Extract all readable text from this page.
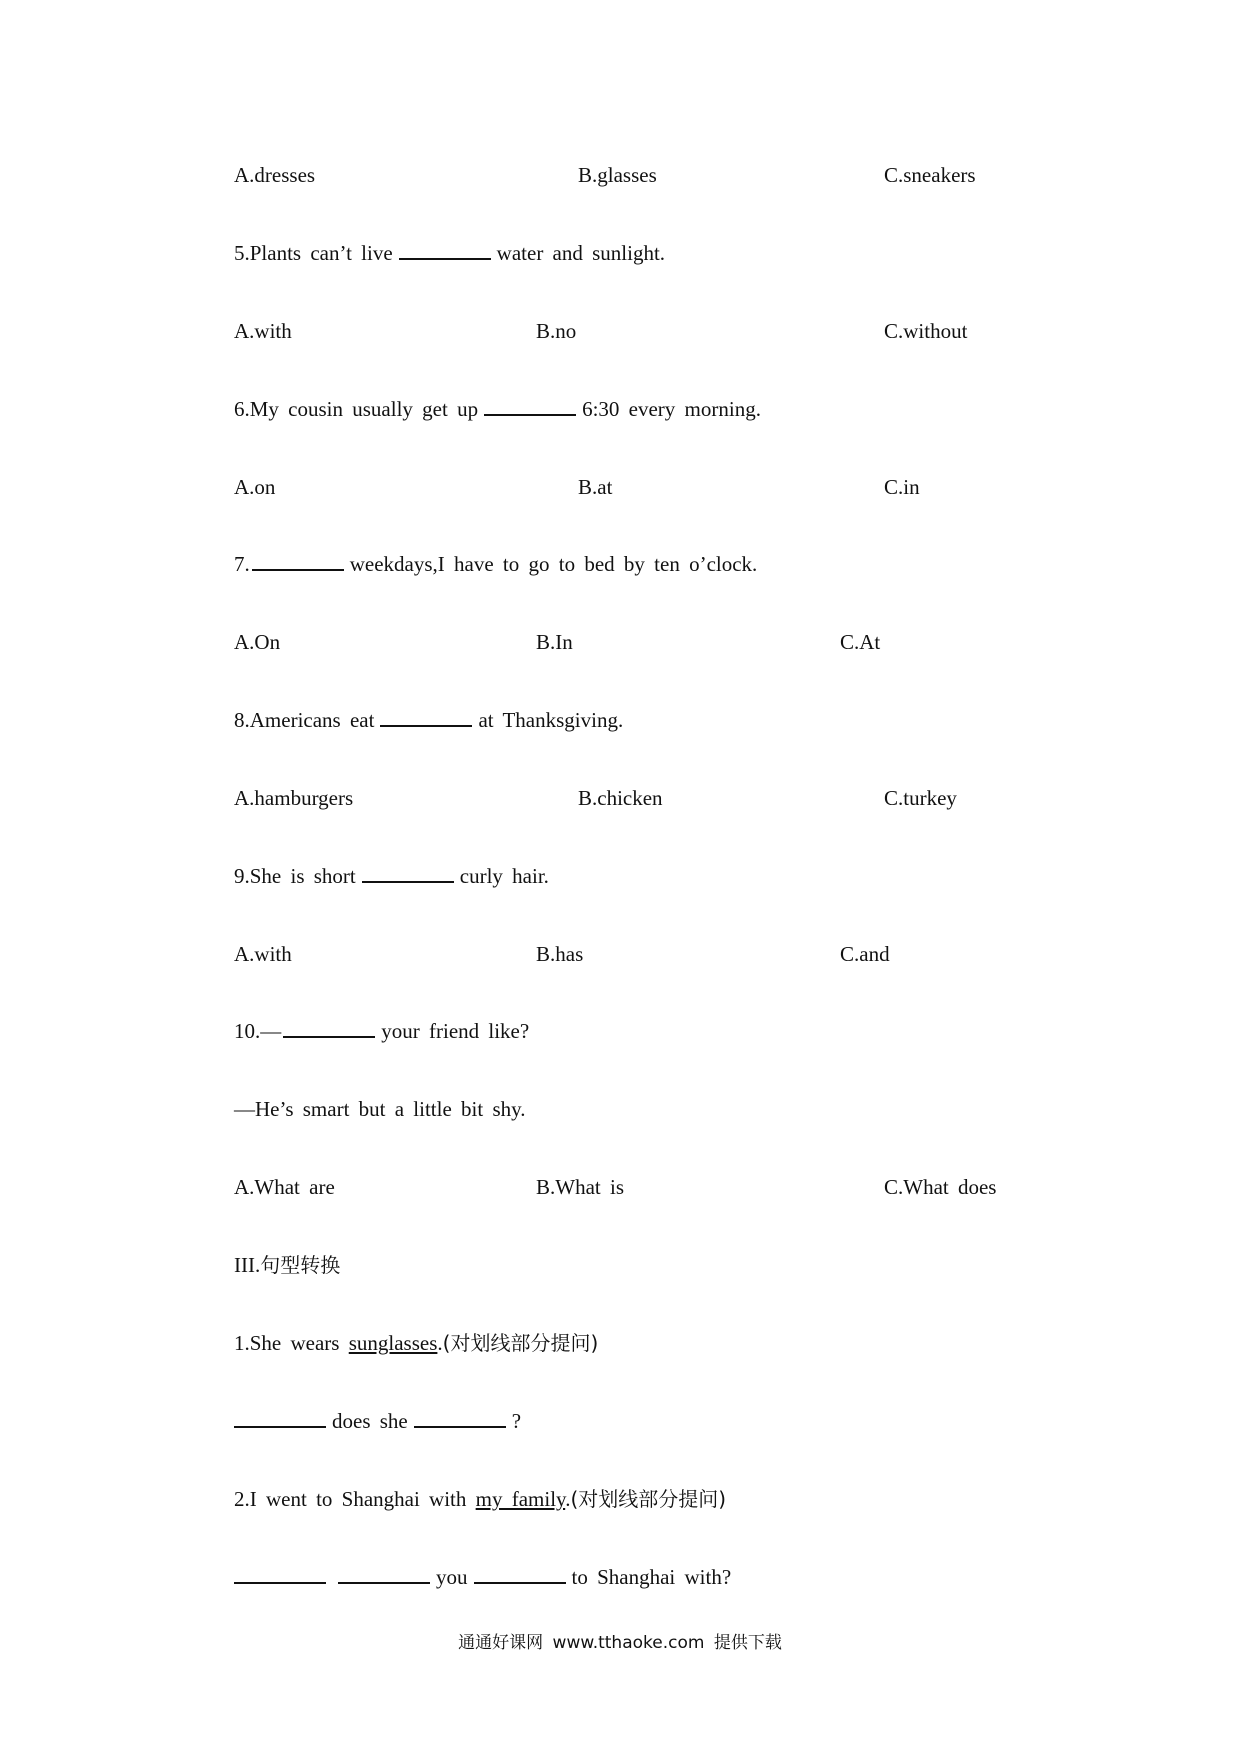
A.dresses	B.glasses	C.sneakers
5.Plants can’t live	water and sunlight.
A.with	B.no	C.without
6.My cousin usually get up	6:30 every morning.
A.on	B.at	C.in
7.	weekdays,I have to go to bed by ten o’clock.
A.On	B.In	C.At
8.Americans eat	at Thanksgiving.
A.hamburgers	B.chicken	C.turkey
9.She is short	curly hair.
A.with	B.has	C.and
10.—	your friend like?
—He’s smart but a little bit shy.
A.What are	B.What is	C.What does
III.句型转换
1.She wears sunglasses.(对划线部分提问)
does she	?
2.I went to Shanghai with my family.(对划线部分提问)
you	to Shanghai with?
通通好课网 www.tthaoke.com 提供下载
